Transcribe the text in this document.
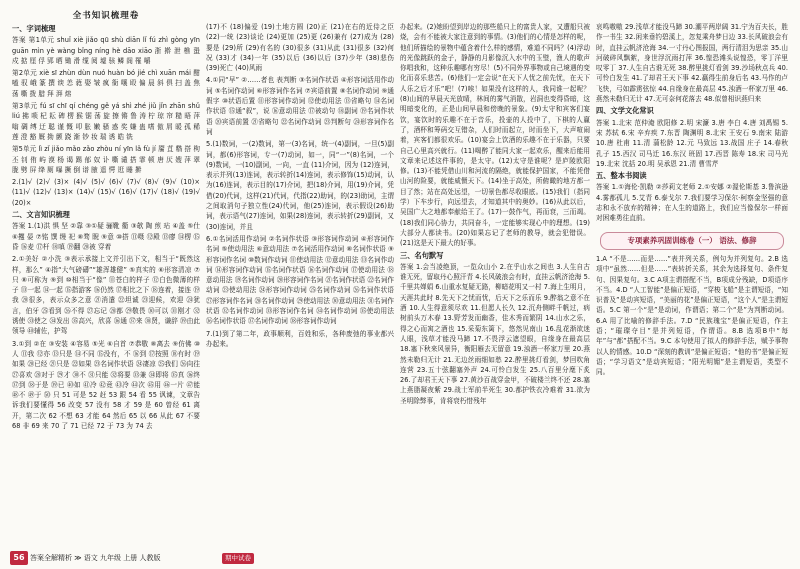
全书知识梳理卷
一、字词梳理
答案 第1单元 shuǐ xiè jiǎo qū shù diān lǐ fú zhì gòng yīn guān mìn yè wàng bǐng níng hè dāo xiāo 浙 擀 泄 樵 蛩 戍 掂 厘 俘 郢 晒 锄 滑 缆 阅 墟 骇 鳞 阁 罹 嚼
第2单元 xiè sī zhùn dùn nuó huàn bó jié chì xuān mái 酣 嗑 驭 峨 篆 撰 谀 恙 蕤 娶 皱 疯 衙 嚷 殴 偏 晨 斜 俱 扫 盖 焦 荡 嘶 拨 腊 拜 湃 熔
第3单元 fú sī chī qí chéng gě yá shì zhé jiǔ jǐn zhān shǔ liú 拂 唢 杞 耘 碑 楞 猴 锯 荡 旋 擦 锵 鲁 涛 柠 琼 帘 糙 晤 萍 嗡 碉 缚 迂 聪 谨 慨 叩 胀 嫩 骚 惑 奖 嫌 蛊 嗜 傲 屑 暖 孤 稀 莲 澄 豁 厩 拗 颤 跷 渐 钞 妆 瑞 诱 皓 铣
第5单元 lì zǐ jiǎo mǎo zǎo zhòu ní yīn lǎ fù jí 靥 苴 糌 搭 枸 丕 钊 侑 屿 漠 杨 谒 踢 郁 奴 讣 嘶 谴 搭 霏 顿 唐 厌 嫂 萍 翠 胧 劈 屏 绛 厕 曝 撅 倒 谱 腋 遥 愕 逛 睡 擀
2.(1)√ (2)√ (3)× (4)√ (5)√ (6)√ (7)√ (8)√ (9)√ (10)× (11)√ (12)√ (13)× (14)√ (15)√ (16)√ (17)√ (18)√ (19)√ (20)×
二、文言知识梳理
答案 1.(1)洪 惧 坚 ②靠 ③①疑 骊靴 衢 ③欹 陶 煎 玷 ④盖 ⑤仕 ⑥攫 晏 ⑦铭 馔 缦 祀 ⑧骛 睨 ⑨意 ⑩搭 ⑪嗫 ⑫殿 ⑬廖 ⑭楞 ⑮昏 ⑯麦 ⑰杆 ⑱嗔 ⑲翻 ⑳被 穿着
2.①美好 ②小洗 ③表示承接上文并引出下文，相当于“既然这样，那么” ④指“大气磅礴”“雄浑雄健” ⑤真实的 ⑥形容清凉 ⑦只 ⑧可称为 ⑨到 ⑩相当于“像” ⑪苍白的样子 ⑫白色微薄的样子 ⑬一起 ⑭一起 ⑮指游客 ⑯仍然 ⑰相比之下 ⑱连着，接连 ⑲我 ⑳很多，表示众多之意 ㉑消遣 ㉒坦诚 ㉓迎候，欢迎 ㉔犹言，伯牙 ㉕看到 ㉖不得 ㉗忘记 ㉘都 ㉙敬畏 ㉚可以 ㉛刚才 ㉜诱使 ㉝使之 ㉞发出 ㉟高兴，欣喜 ㊱通 ㊲来 ㊳贤，谦辞 ㊴由此领导 ㊵辅佐，护驾
3.①到 ②在 ③安装 ④容易 ⑤光 ⑥自首 ⑦恭敬 ⑧离去 ⑨仿佛 ⑩人 ⑪我 ⑫亦 ⑬只是 ⑭不同 ⑮没有，不 ⑯到 ⑰按照 ⑱有时 ⑲如果 ⑳已经 ㉑只是 ㉒如果 ㉓名词作状语 ㉔凄凉 ㉕我们 ㉖向往 ㉗喜欢 ㉘对于 ㉙才 ㉚不 ㉛只能 ㉜将要 ㉝兼 ㉞即将 ㉟真 ㊱终 ㊲到 ㊳于是 ㊴已 ㊵如 ㊶冷 ㊷竟 ㊸冷 ㊹次 ㊺用 ㊻一片 ㊼能 ㊽不 ㊾于 ㊿ 只 51 可是 52 赶 53 跟 54 看 55 讽谏，文章告诉我们要懂得 56 改变 57 没有 58 才 59 是 60 曾经 61 离开，第二次 62 不想 63 才能 64 然后 65 以 66 从此 67 不要 68 非 69 来 70 了 71 已经 72 于 73 为 74 去
(17)不 (18)偏爱 (19)土地方圆 (20)正 (21)在右的近侍之臣 (22)一统 (23)谈论 (24)更加 (25)更 (26)兼有 (27)成为 (28)要是 (29)所 (29)有名的 (30)很多 (31)从此 (31)很多 (32)何况 (33)才 (34)一年 (35)以后 (36)以后 (37)少年 (38)悲伤 (39)死亡 (40)风雨
4.①同“早” ②……者也 表判断 ③名词作状语 ④形容词活用作动词 ⑤名词作动词 ⑥形容词作名词 ⑦宾语前置 ⑧名词作动词 ⑨通假字 ⑩状语后置 ⑪形容词作动词 ⑫使动用法 ⑬省略句 ⑭名词作状语 ⑮通“叙”，说 ⑯意动用法 ⑰被动句 ⑱副词 ⑲名词作状语 ⑳宾语前置 ㉑省略句 ㉒名词作动词 ㉓判断句 ㉔形容词作名词
5.(1)数词，一(2)数词，第一(3)名词，统一(4)副词，一旦(5)副词，都(6)形容词，专一(7)动词，如一，同“一”(8)名词，一个(9)数词，一(10)副词，一向，一直 (11)介词，因为 (12)连词，表示并列(13)连词，表示转折(14)连词，表示修饰(15)动词，认为(16)连词，表示目的(17)介词，把(18)介词，用(19)介词，凭借(20)代词，这样(21)代词，代指(22)助词，的(23)助词，主谓之间取消句子独立性(24)代词，他(25)连词，表示假设(26)助词，表示语气(27)连词，如果(28)连词，表示转折(29)副词，又(30)连词，并且
6.①名词活用作动词 ②名词作状语 ③形容词作动词 ④形容词作名词 ⑤使动用法 ⑥意动用法 ⑦名词活用作动词 ⑧名词作状语 ⑨形容词作名词 ⑩数词作动词 ⑪使动用法 ⑫意动用法 ⑬名词作动词 ⑭形容词作动词 ⑮名词作状语 ⑯名词作动词 ⑰使动用法 ⑱意动用法 ⑲名词作动词 ⑳形容词作名词 ㉑名词作状语 ㉒名词作动词 ㉓使动用法 ㉔形容词作动词 ㉕名词作动词 ㉖名词作状语 ㉗形容词作名词 ㉘名词作动词 ㉙使动用法 ㉚意动用法 ㉛名词作状语 ㉜名词作动词 ㉝形容词作名词 ㉞名词作动词 ㉟使动用法 ㊱名词作状语 ㊲名词作动词 ㊳形容词作动词
7.(1)到了第二年，政事顺利，百姓和乐，各种废弛的事业都兴办起来。
办起来。(2)她盼望到岸边的那些船只上的富贵人家，又遭船只被烧，会有不能被大家注意到的事情。(3)他们的心情是怎样的呢，他们所描绘的景物中蕴含着什么样的感情，难道不同吗？(4)浮动的光像跳跃的金子，静静的月影像沉入水中的玉璧，渔人的歌声你唱我和，这种乐趣哪有穷尽！(5)不同外界事物或自己境遇的变化而喜乐悲苦。(6)他们一定会说“在天下人忧之前先忧，在天下人乐之后才乐”吧！(7)唉！如果没有这样的人，我同谁一起呢？(8)山间的早晨天光放晴，林间的雾气消散，岩洞也变得昏暗，这明暗变化的，正是山间早晨和傍晚的景象。(9)太守和宾客们宴饮，宴饮时的乐趣不在于音乐，投壶的人投中了，下棋的人赢了，酒杯和筹码交互错杂，人们时而起立，时而坐下，大声喧闹着，宾客们都很欢乐。(10)宴会上饮酒的乐趣不在于乐器，只要自己心里高兴就行。(11)喝醉了能同大家一起欢乐，醒来后能用文章来记述这件事的，是太守。(12)太守是谁呢？是庐陵欧阳修。(13)不能凭借山川和河流的隔绝，就能保护国家，不能凭借山河的险要，就能威慑天下。(14)坐于高处，所俯瞰的地方都一目了然；站在高处远望，一切景色都尽收眼底。(15)我们（指同学）下车步行，向远望去，才知道其中的奥妙。(16)从此以后，吴国广大之地都奉献给王了。(17)一鼓作气，再而衰，三而竭。(18)我们同心协力，共同奋斗，一定能够实现心中的理想。(19)大部分人都读书。(20)如果忘记了老师的教导，就会犯错误。(21)这是天下最大的好事。
三、名句默写
答案 1.会当凌绝顶，一览众山小 2.在乎山水之间也 3.人生自古谁无死，留取丹心照汗青 4.长风破浪会有时，直挂云帆济沧海 5.千里共婵娟 6.山重水复疑无路，柳暗花明又一村 7.海上生明月，天涯共此时 8.先天下之忧而忧，后天下之乐而乐 9.醉翁之意不在酒 10.人生得意须尽欢 11.但愿人长久 12.沉舟侧畔千帆过，病树前头万木春 13.野芳发而幽香，佳木秀而繁阴 14.山水之乐，得之心而寓之酒也 15.采菊东篱下，悠然见南山 16.乱花渐欲迷人眼，浅草才能没马蹄 17.不畏浮云遮望眼，自缘身在最高层 18.塞下秋来风景异，衡阳雁去无留意 19.浊酒一杯家万里 20.燕然未勒归无计 21.无边丝雨细如愁 22.醉里挑灯看剑，梦回吹角连营 23.五十弦翻塞外声 24.可怜白发生 25.八百里分麾下炙 26.了却君王天下事 27.黄沙百战穿金甲，不破楼兰终不还 28.塞上燕脂凝夜紫 29.战士军前半死生 30.都护铁衣冷难着 31.欲为圣明除弊事，肯将衰朽惜残年
哀鸣嗷嗷 29.浅草才能没马蹄 30.潮平两岸阔 31.宁为百夫长，胜作一书生 32.闲来垂钓碧溪上，忽复乘舟梦日边 33.长风破浪会有时，直挂云帆济沧海 34.一寸丹心图报国，两行清泪为思亲 35.山河破碎风飘絮，身世浮沉雨打萍 36.惶恐滩头说惶恐，零丁洋里叹零丁 37.人生自古谁无死 38.醉里挑灯看剑 39.沙场秋点兵 40.可怜白发生 41.了却君王天下事 42.赢得生前身后名 43.马作的卢飞快，弓如霹雳弦惊 44.自缘身在最高层 45.浊酒一杯家万里 46.燕然未勒归无计 47.无可奈何花落去 48.似曾相识燕归来
四、文学文化常识
答案 1.北宋 范仲淹 欧阳修 2.明 宋濂 3.唐 李白 4.唐 刘禹锡 5.宋 苏轼 6.宋 辛弃疾 7.东晋 陶渊明 8.北宋 王安石 9.南宋 陆游 10.唐 杜甫 11.清 蒲松龄 12.元 马致远 13.战国 庄子 14.春秋 孔子 15.西汉 司马迁 16.东汉 班固 17.西晋 陈寿 18.宋 司马光 19.北宋 沈括 20.明 吴承恩 21.清 曹雪芹
五、整本书阅读
答案 1.①海伦·凯勒 ②莎莉文老师 2.①安娜 ②渥伦斯基 3.鲁滨逊 4.雾都孤儿 5.艾青 6.泰戈尔 7.我们要学习保尔·柯察金坚强的意志和永不放弃的精神；在人生的道路上，我们应当像保尔一样面对困难勇往直前。
专项素养巩固训练卷（一） 语法、修辞
1.A “不是……而是……”表并列关系，例句为并列复句。2.B 选项中“虽然……但是……”表转折关系，其余为选择复句、条件复句、因果复句。3.C A项主谓搭配不当，B项成分残缺，D项语序不当。4.D “人工智能”是偏正短语，“穿梭飞船”是主谓短语，“知识普及”是动宾短语，“美丽的花”是偏正短语，“这个人”是主谓短语。5.C 第一个“是”是动词，作谓语；第二个“是”为判断动词。6.A 用了比喻的修辞手法。7.D “民族瑰宝”是偏正短语，作主语；“璀璨夺目”是并列短语，作谓语。8.B 选项B中“每年”与“都”搭配不当。9.C 本句使用了拟人的修辞手法，赋予事物以人的情感。10.D “深刻的教训”是偏正短语；“他的书”是偏正短语；“学习语文”是动宾短语；“阳光明媚”是主谓短语，类型不同。
56 答案全解精析 ≫ 语文 九年级 上册 人教版	期中试卷
